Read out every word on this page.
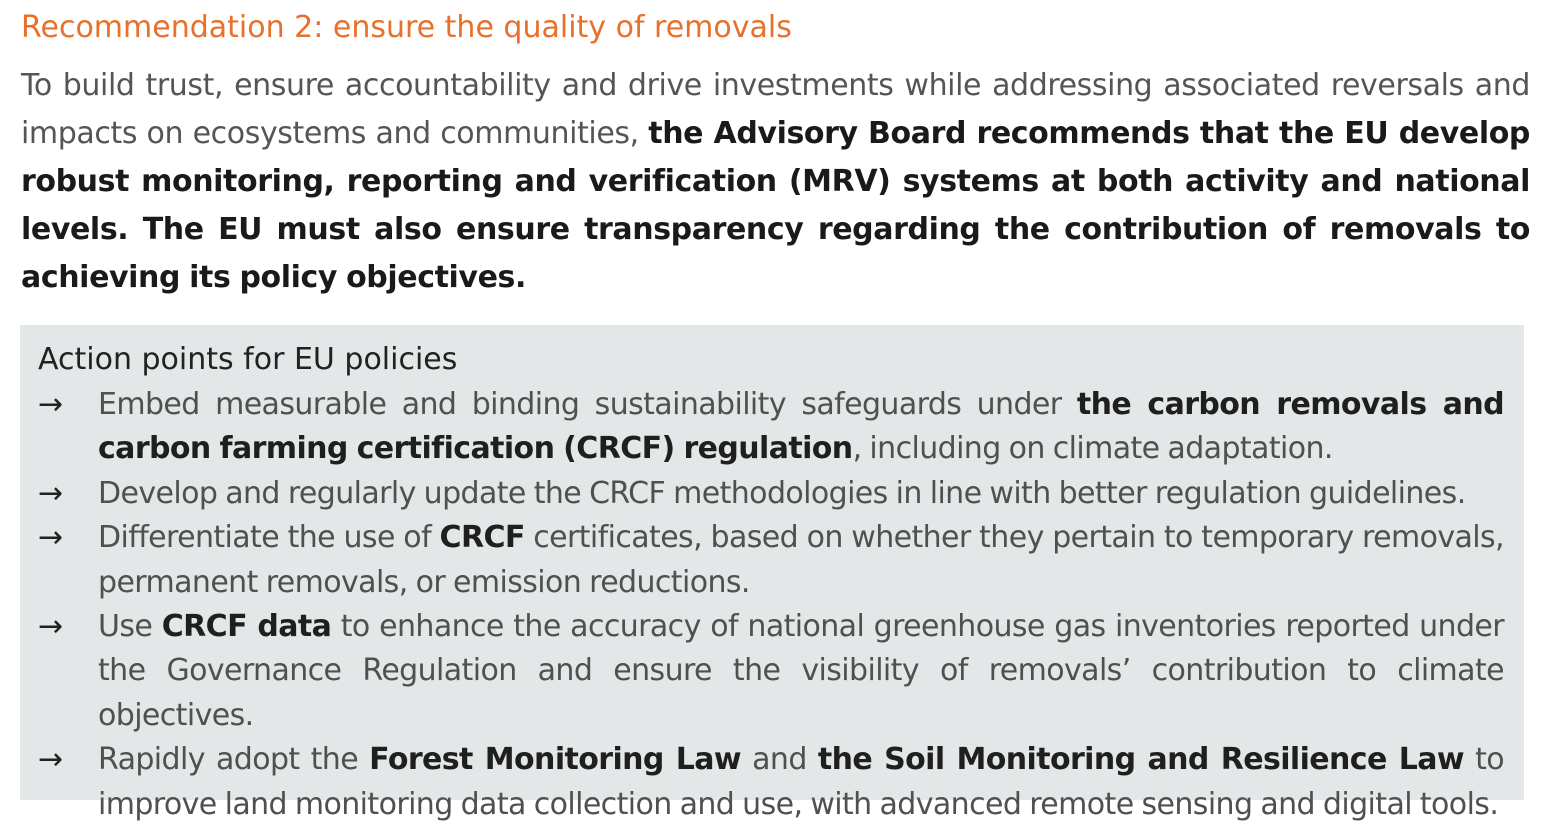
Recommendation 2: ensure the quality of removals

To build trust, ensure accountability and drive investments while addressing associated reversals and impacts on ecosystems and communities, the Advisory Board recommends that the EU develop robust monitoring, reporting and verification (MRV) systems at both activity and national levels. The EU must also ensure transparency regarding the contribution of removals to achieving its policy objectives.

Action points for EU policies
→ Embed measurable and binding sustainability safeguards under the carbon removals and carbon farming certification (CRCF) regulation, including on climate adaptation.
→ Develop and regularly update the CRCF methodologies in line with better regulation guidelines.
→ Differentiate the use of CRCF certificates, based on whether they pertain to temporary removals, permanent removals, or emission reductions.
→ Use CRCF data to enhance the accuracy of national greenhouse gas inventories reported under the Governance Regulation and ensure the visibility of removals’ contribution to climate objectives.
→ Rapidly adopt the Forest Monitoring Law and the Soil Monitoring and Resilience Law to improve land monitoring data collection and use, with advanced remote sensing and digital tools.
